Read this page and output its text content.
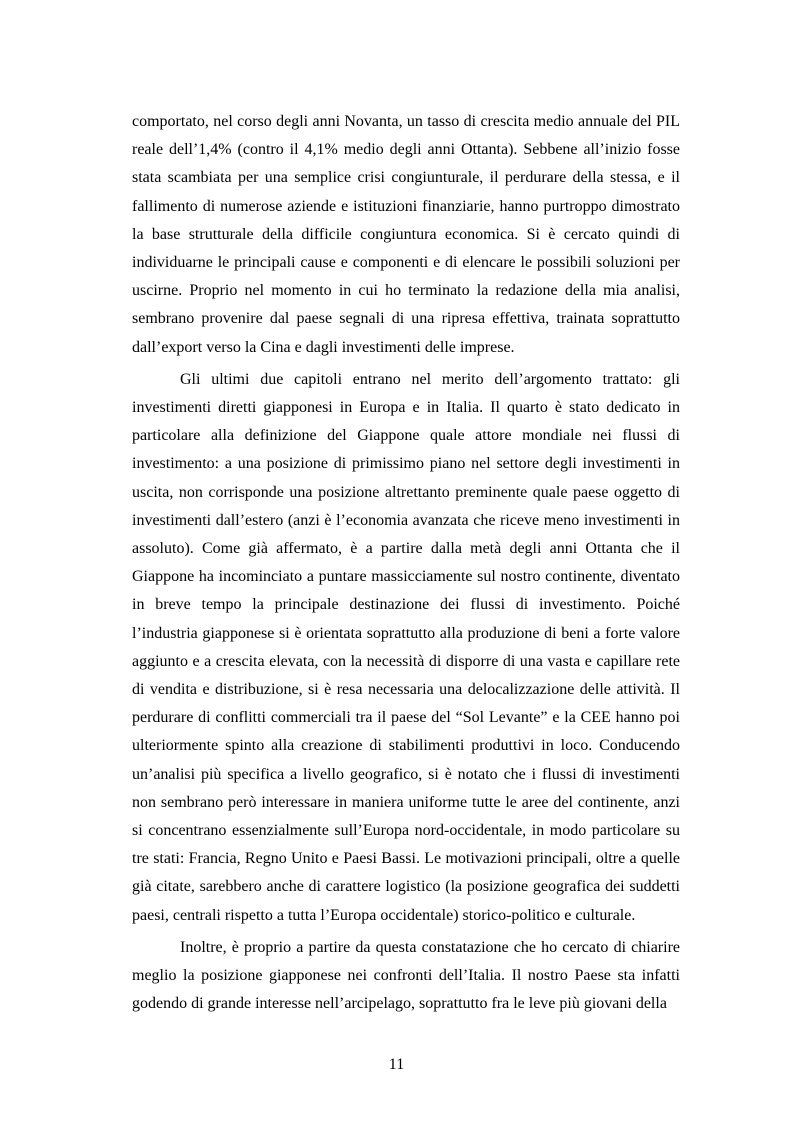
comportato, nel corso degli anni Novanta, un tasso di crescita medio annuale del PIL reale dell’1,4% (contro il 4,1% medio degli anni Ottanta). Sebbene all’inizio fosse stata scambiata per una semplice crisi congiunturale, il perdurare della stessa, e il fallimento di numerose aziende e istituzioni finanziarie, hanno purtroppo dimostrato la base strutturale della difficile congiuntura economica. Si è cercato quindi di individuarne le principali cause e componenti e di elencare le possibili soluzioni per uscirne. Proprio nel momento in cui ho terminato la redazione della mia analisi, sembrano provenire dal paese segnali di una ripresa effettiva, trainata soprattutto dall’export verso la Cina e dagli investimenti delle imprese.

Gli ultimi due capitoli entrano nel merito dell’argomento trattato: gli investimenti diretti giapponesi in Europa e in Italia. Il quarto è stato dedicato in particolare alla definizione del Giappone quale attore mondiale nei flussi di investimento: a una posizione di primissimo piano nel settore degli investimenti in uscita, non corrisponde una posizione altrettanto preminente quale paese oggetto di investimenti dall’estero (anzi è l’economia avanzata che riceve meno investimenti in assoluto). Come già affermato, è a partire dalla metà degli anni Ottanta che il Giappone ha incominciato a puntare massicciamente sul nostro continente, diventato in breve tempo la principale destinazione dei flussi di investimento. Poiché l’industria giapponese si è orientata soprattutto alla produzione di beni a forte valore aggiunto e a crescita elevata, con la necessità di disporre di una vasta e capillare rete di vendita e distribuzione, si è resa necessaria una delocalizzazione delle attività. Il perdurare di conflitti commerciali tra il paese del “Sol Levante” e la CEE hanno poi ulteriormente spinto alla creazione di stabilimenti produttivi in loco. Conducendo un’analisi più specifica a livello geografico, si è notato che i flussi di investimenti non sembrano però interessare in maniera uniforme tutte le aree del continente, anzi si concentrano essenzialmente sull’Europa nord-occidentale, in modo particolare su tre stati: Francia, Regno Unito e Paesi Bassi. Le motivazioni principali, oltre a quelle già citate, sarebbero anche di carattere logistico (la posizione geografica dei suddetti paesi, centrali rispetto a tutta l’Europa occidentale) storico-politico e culturale.

Inoltre, è proprio a partire da questa constatazione che ho cercato di chiarire meglio la posizione giapponese nei confronti dell’Italia. Il nostro Paese sta infatti godendo di grande interesse nell’arcipelago, soprattutto fra le leve più giovani della

11
